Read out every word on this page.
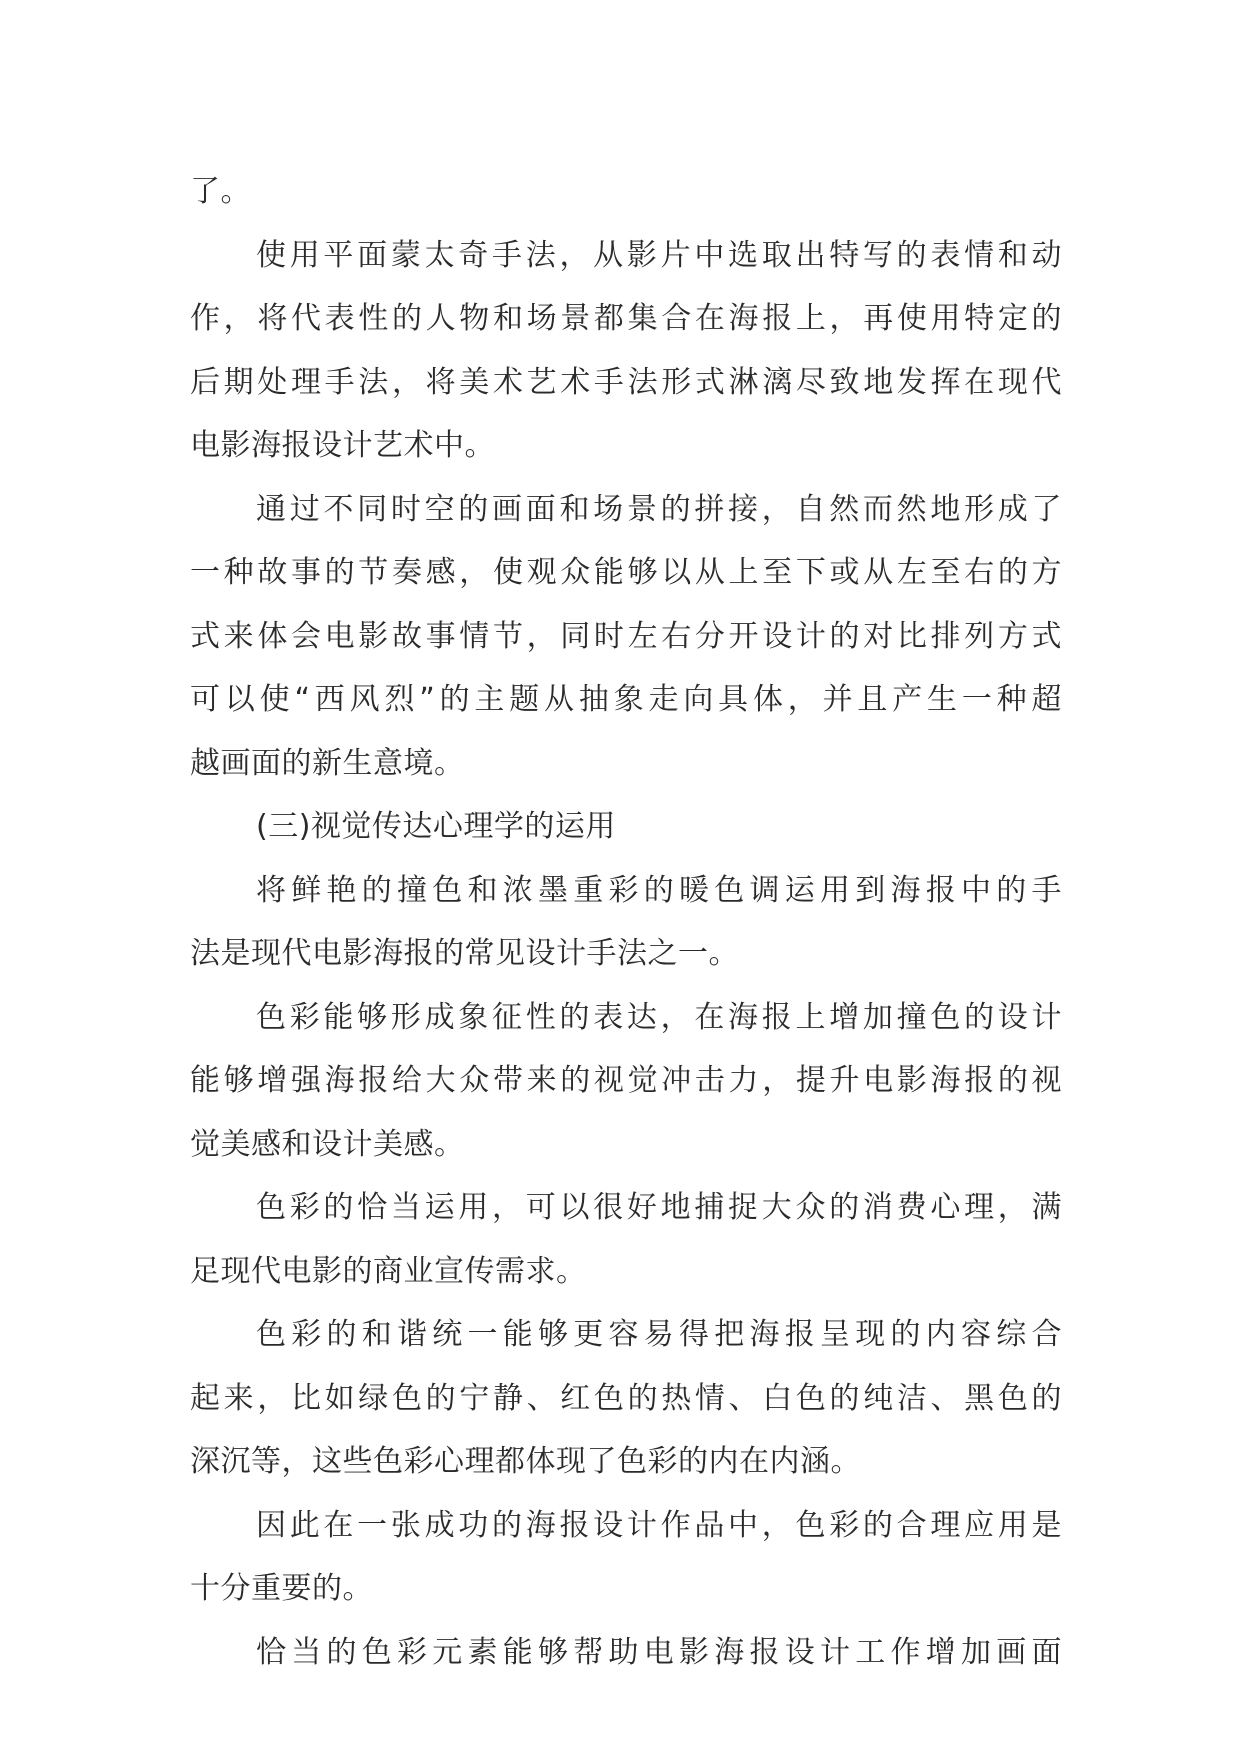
了。
使用平面蒙太奇手法，从影片中选取出特写的表情和动
作，将代表性的人物和场景都集合在海报上，再使用特定的
后期处理手法，将美术艺术手法形式淋漓尽致地发挥在现代
电影海报设计艺术中。
通过不同时空的画面和场景的拼接，自然而然地形成了
一种故事的节奏感，使观众能够以从上至下或从左至右的方
式来体会电影故事情节，同时左右分开设计的对比排列方式
可以使“西风烈”的主题从抽象走向具体，并且产生一种超
越画面的新生意境。
(三)视觉传达心理学的运用
将鲜艳的撞色和浓墨重彩的暖色调运用到海报中的手
法是现代电影海报的常见设计手法之一。
色彩能够形成象征性的表达，在海报上增加撞色的设计
能够增强海报给大众带来的视觉冲击力，提升电影海报的视
觉美感和设计美感。
色彩的恰当运用，可以很好地捕捉大众的消费心理，满
足现代电影的商业宣传需求。
色彩的和谐统一能够更容易得把海报呈现的内容综合
起来，比如绿色的宁静、红色的热情、白色的纯洁、黑色的
深沉等，这些色彩心理都体现了色彩的内在内涵。
因此在一张成功的海报设计作品中，色彩的合理应用是
十分重要的。
恰当的色彩元素能够帮助电影海报设计工作增加画面
